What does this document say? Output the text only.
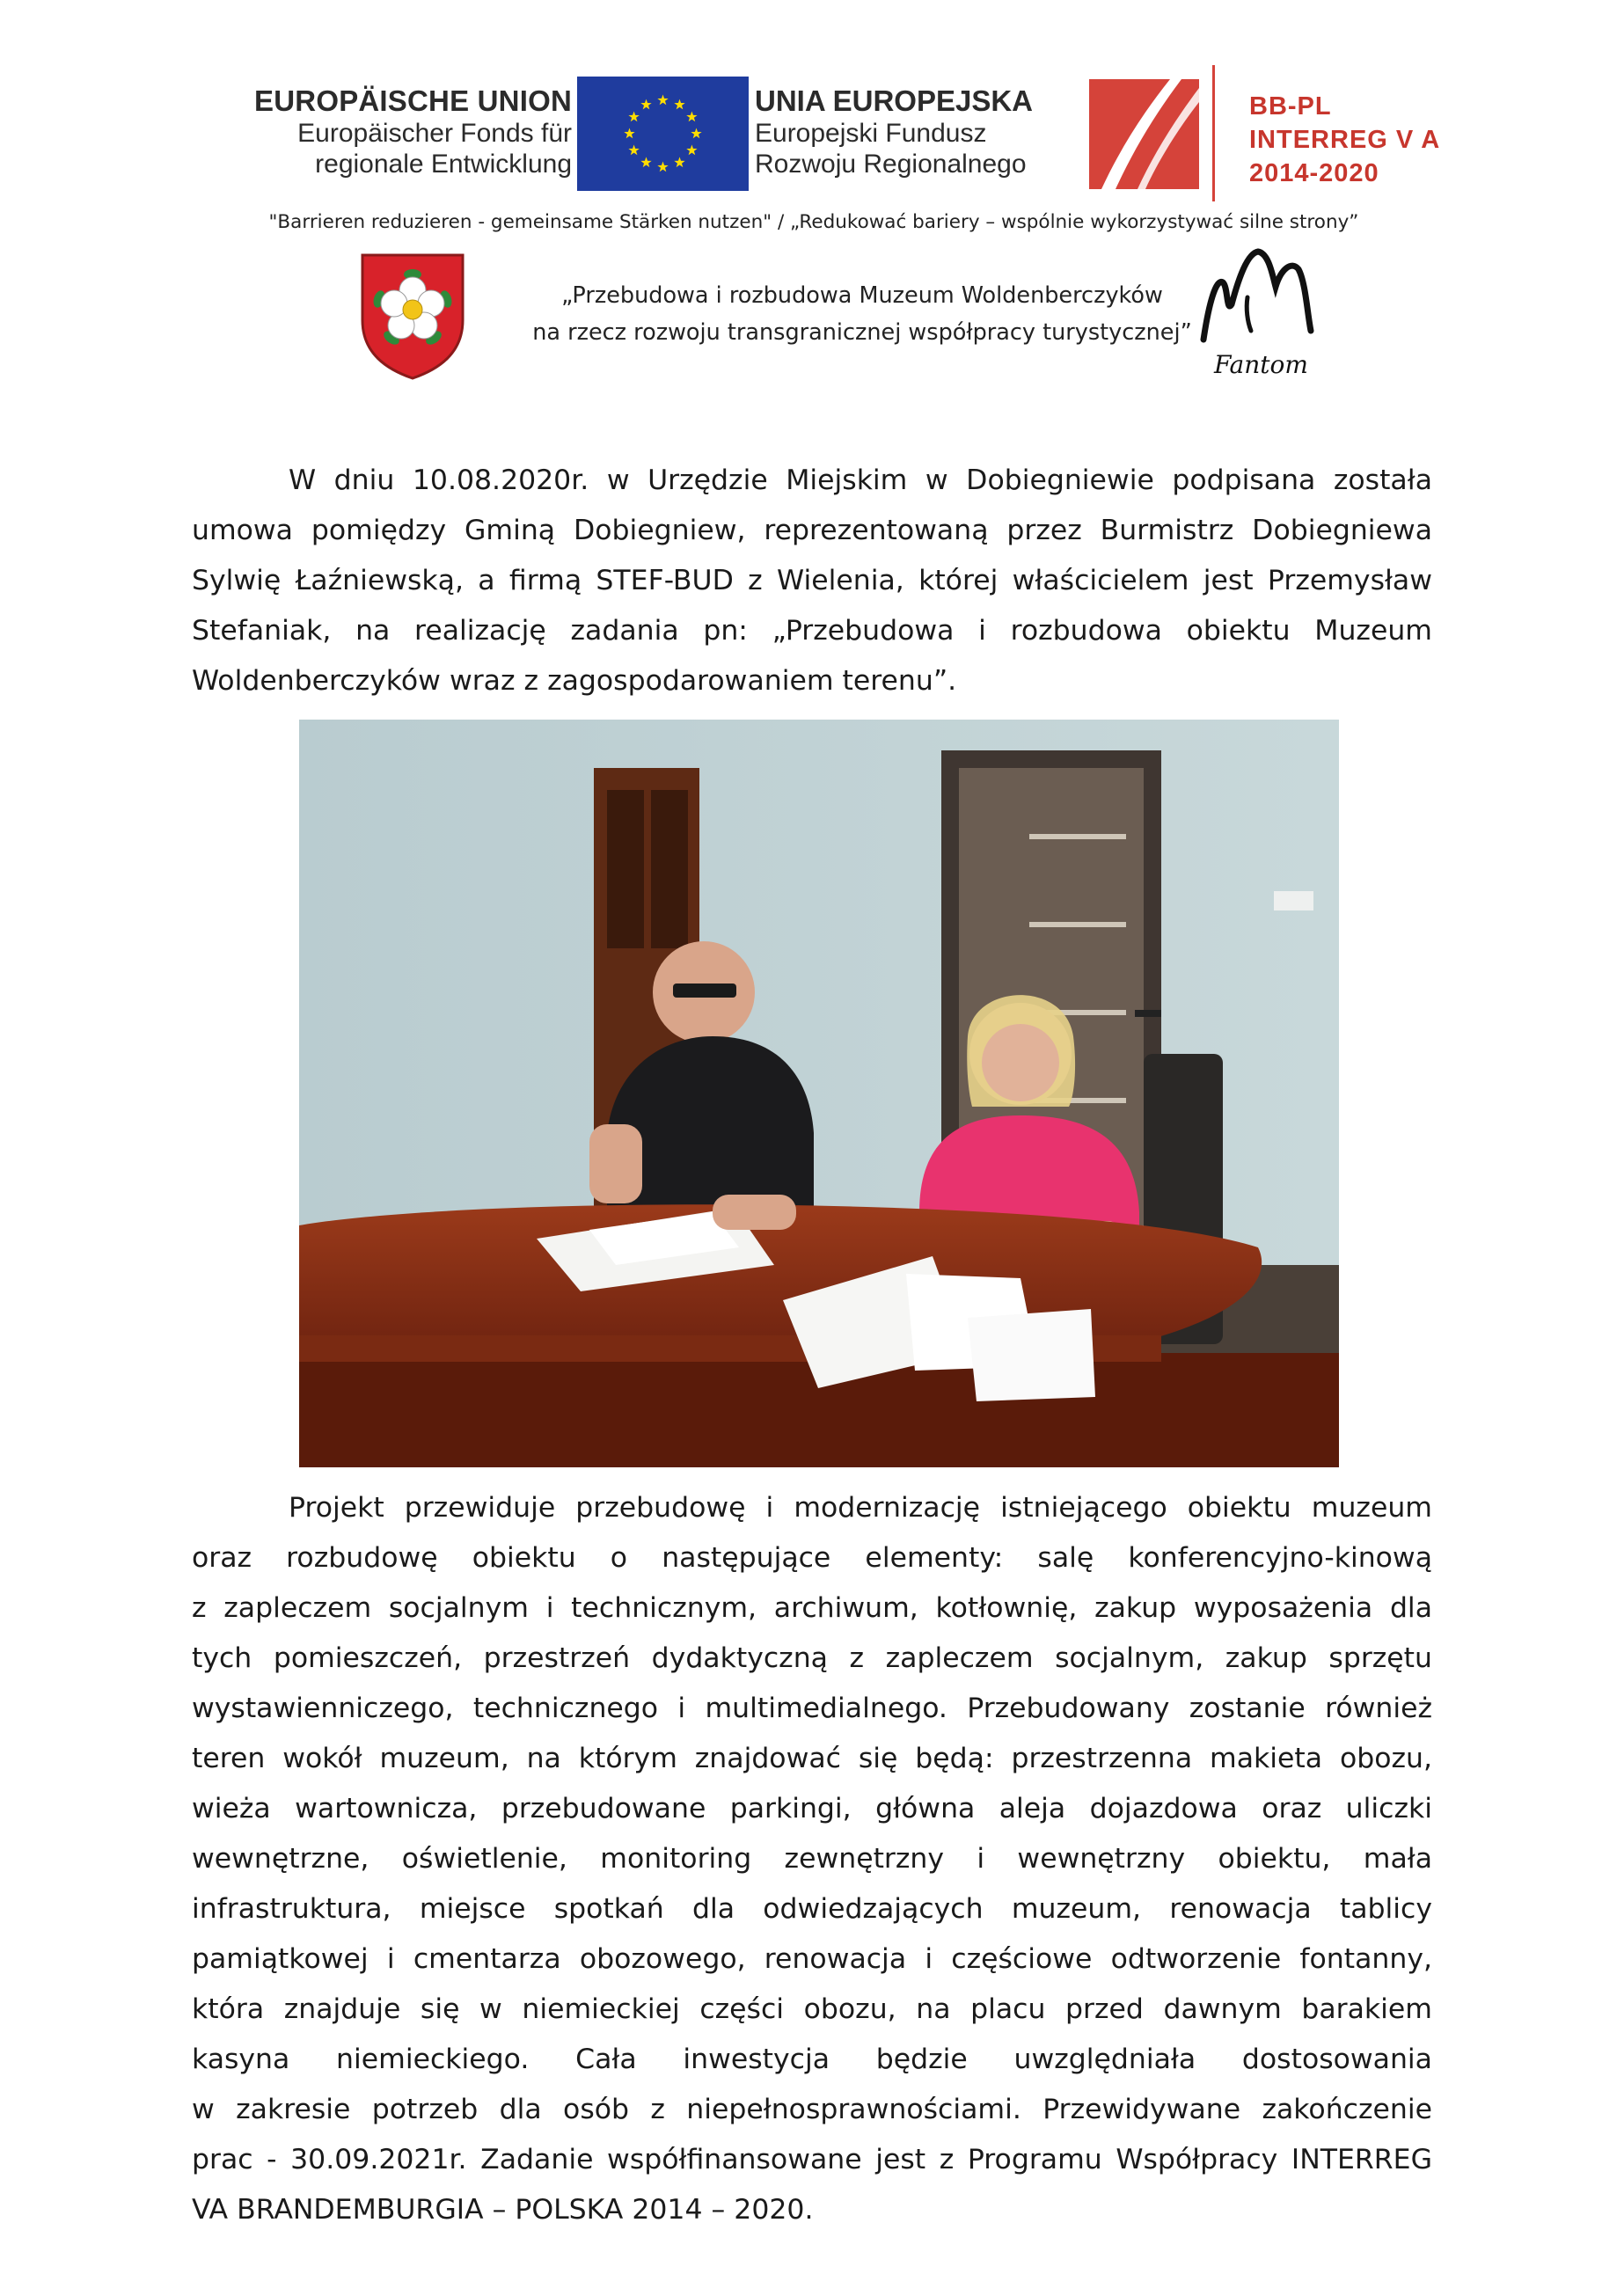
EUROPÄISCHE UNION
Europäischer Fonds für
regionale Entwicklung
UNIA EUROPEJSKA
Europejski Fundusz
Rozwoju Regionalnego
BB-PL
INTERREG V A
2014-2020
"Barrieren reduzieren - gemeinsame Stärken nutzen" / „Redukować bariery – wspólnie wykorzystywać silne strony”
„Przebudowa i rozbudowa Muzeum Woldenberczyków
na rzecz rozwoju transgranicznej współpracy turystycznej”
Fantom
W dniu 10.08.2020r. w Urzędzie Miejskim w Dobiegniewie podpisana została
umowa pomiędzy Gminą Dobiegniew, reprezentowaną przez Burmistrz Dobiegniewa
Sylwię Łaźniewską, a firmą STEF-BUD z Wielenia, której właścicielem jest Przemysław
Stefaniak, na realizację zadania pn: „Przebudowa i rozbudowa obiektu Muzeum
Woldenberczyków wraz z zagospodarowaniem terenu”.
Projekt przewiduje przebudowę i modernizację istniejącego obiektu muzeum
oraz rozbudowę obiektu o następujące elementy: salę konferencyjno-kinową
z zapleczem socjalnym i technicznym, archiwum, kotłownię, zakup wyposażenia dla
tych pomieszczeń, przestrzeń dydaktyczną z zapleczem socjalnym, zakup sprzętu
wystawienniczego, technicznego i multimedialnego. Przebudowany zostanie również
teren wokół muzeum, na którym znajdować się będą: przestrzenna makieta obozu,
wieża wartownicza, przebudowane parkingi, główna aleja dojazdowa oraz uliczki
wewnętrzne, oświetlenie, monitoring zewnętrzny i wewnętrzny obiektu, mała
infrastruktura, miejsce spotkań dla odwiedzających muzeum, renowacja tablicy
pamiątkowej i cmentarza obozowego, renowacja i częściowe odtworzenie fontanny,
która znajduje się w niemieckiej części obozu, na placu przed dawnym barakiem
kasyna niemieckiego. Cała inwestycja będzie uwzględniała dostosowania
w zakresie potrzeb dla osób z niepełnosprawnościami. Przewidywane zakończenie
prac - 30.09.2021r. Zadanie współfinansowane jest z Programu Współpracy INTERREG
VA BRANDEMBURGIA – POLSKA 2014 – 2020.
